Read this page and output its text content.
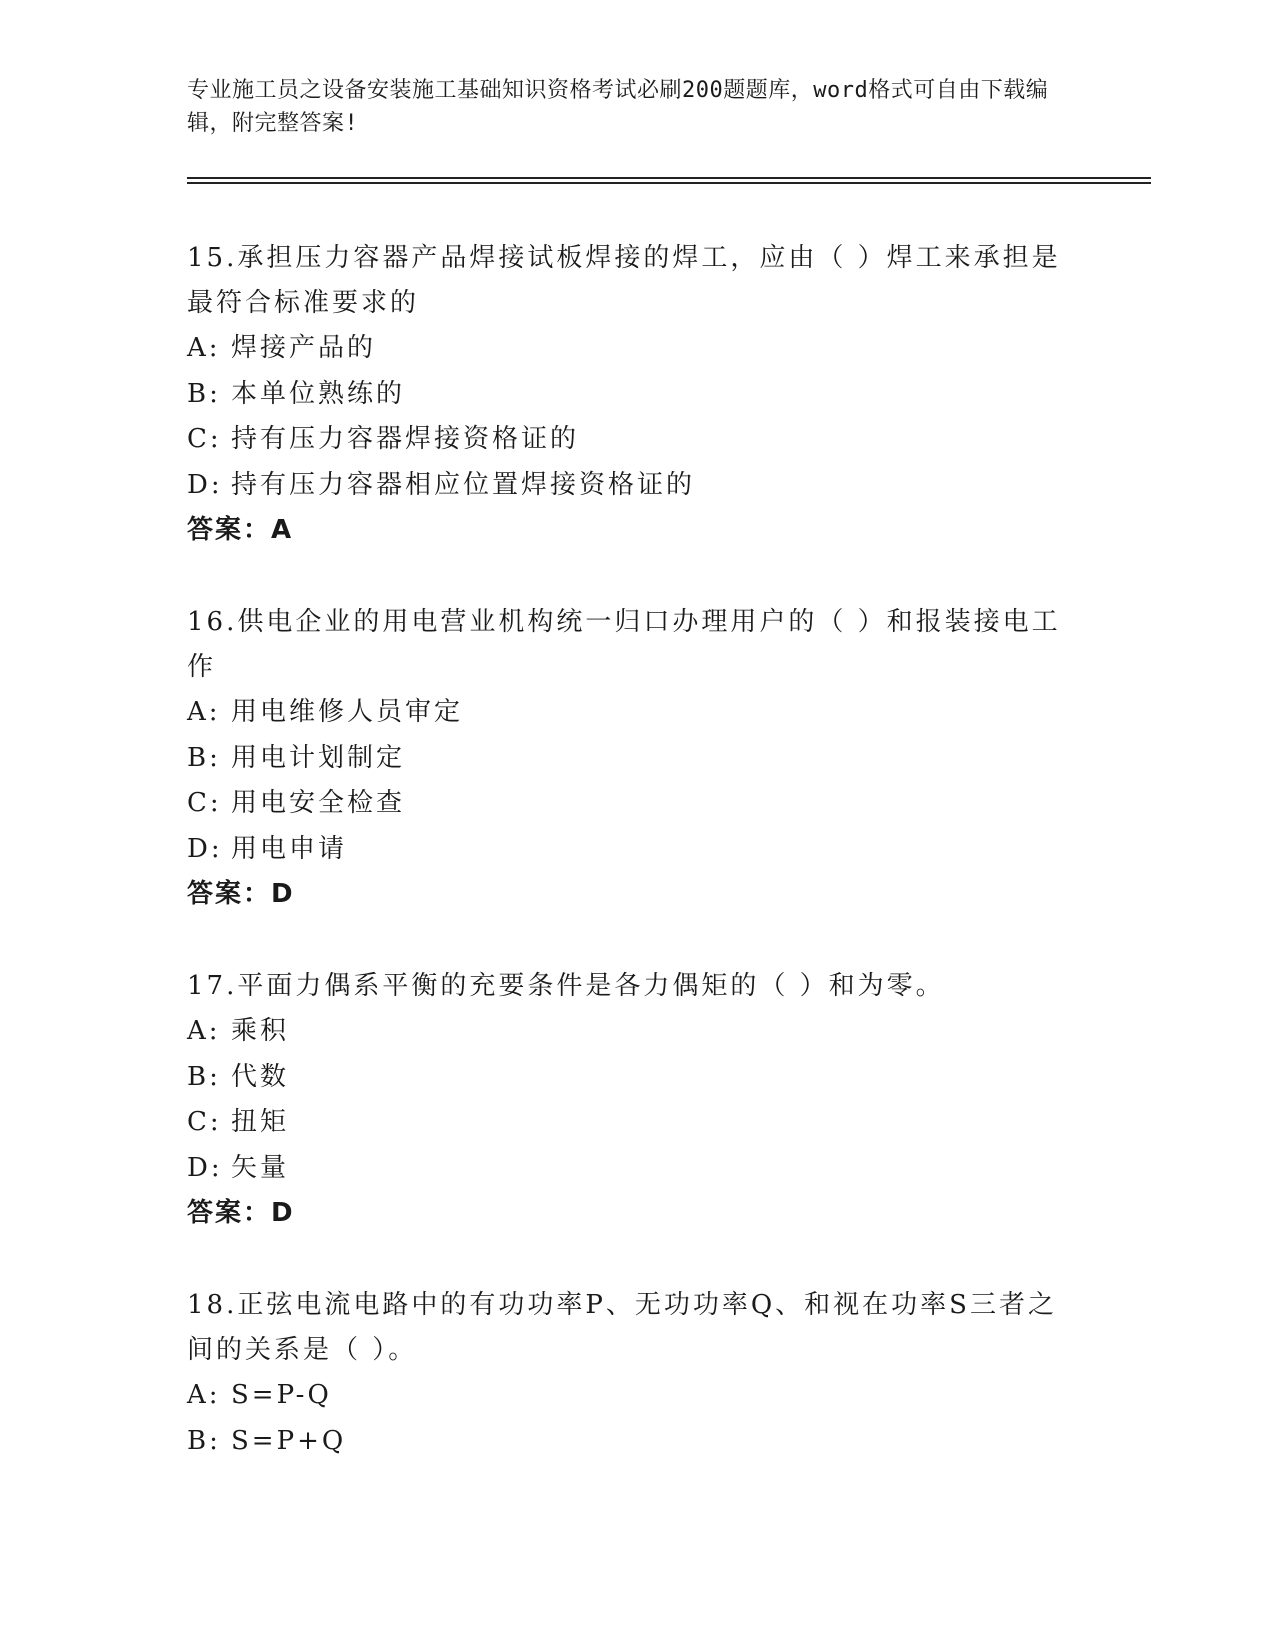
专业施工员之设备安装施工基础知识资格考试必刷200题题库，word格式可自由下载编辑，附完整答案!

15.承担压力容器产品焊接试板焊接的焊工，应由（ ）焊工来承担是最符合标准要求的

A: 焊接产品的

B: 本单位熟练的

C: 持有压力容器焊接资格证的

D: 持有压力容器相应位置焊接资格证的

答案：A

16.供电企业的用电营业机构统一归口办理用户的（ ）和报装接电工作

A: 用电维修人员审定

B: 用电计划制定

C: 用电安全检查

D: 用电申请

答案：D

17.平面力偶系平衡的充要条件是各力偶矩的（ ）和为零。

A: 乘积

B: 代数

C: 扭矩

D: 矢量

答案：D

18.正弦电流电路中的有功功率P、无功功率Q、和视在功率S三者之间的关系是（ ）。

A: S=P-Q

B: S=P+Q
